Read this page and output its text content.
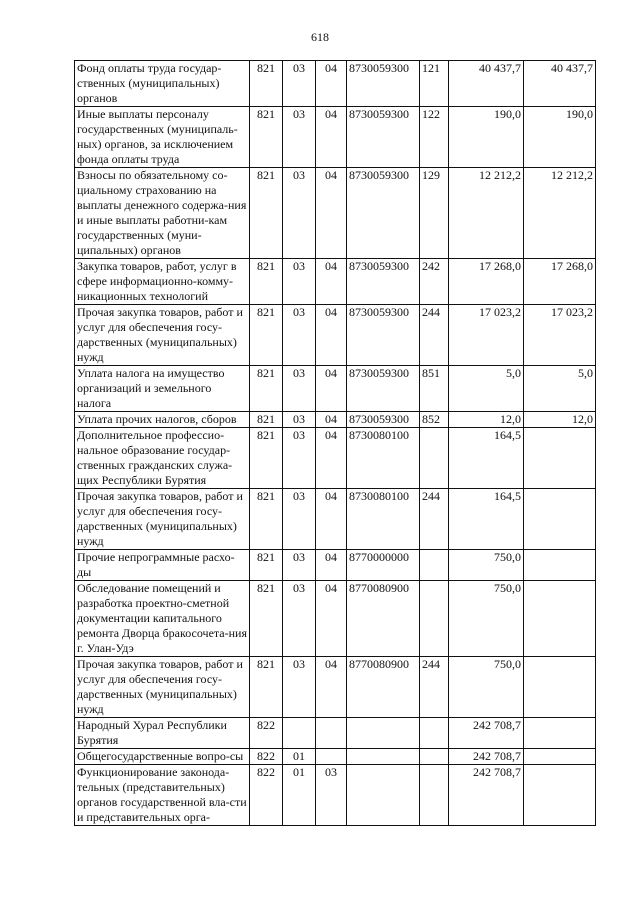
618
Фонд оплаты труда государ-ственных (муниципальных) органов	821	03	04	8730059300	121	40 437,7	40 437,7
Иные выплаты персоналу государственных (муниципаль-ных) органов, за исключением фонда оплаты труда	821	03	04	8730059300	122	190,0	190,0
Взносы по обязательному со-циальному страхованию на выплаты денежного содержа-ния и иные выплаты работни-кам государственных (муни-ципальных) органов	821	03	04	8730059300	129	12 212,2	12 212,2
Закупка товаров, работ, услуг в сфере информационно-комму-никационных технологий	821	03	04	8730059300	242	17 268,0	17 268,0
Прочая закупка товаров, работ и услуг для обеспечения госу-дарственных (муниципальных) нужд	821	03	04	8730059300	244	17 023,2	17 023,2
Уплата налога на имущество организаций и земельного налога	821	03	04	8730059300	851	5,0	5,0
Уплата прочих налогов, сборов	821	03	04	8730059300	852	12,0	12,0
Дополнительное профессио-нальное образование государ-ственных гражданских служа-щих Республики Бурятия	821	03	04	8730080100		164,5	
Прочая закупка товаров, работ и услуг для обеспечения госу-дарственных (муниципальных) нужд	821	03	04	8730080100	244	164,5	
Прочие непрограммные расхо-ды	821	03	04	8770000000		750,0	
Обследование помещений и разработка проектно-сметной документации капитального ремонта Дворца бракосочета-ния г. Улан-Удэ	821	03	04	8770080900		750,0	
Прочая закупка товаров, работ и услуг для обеспечения госу-дарственных (муниципальных) нужд	821	03	04	8770080900	244	750,0	
Народный Хурал Республики Бурятия	822					242 708,7	
Общегосударственные вопро-сы	822	01				242 708,7	
Функционирование законода-тельных (представительных) органов государственной вла-сти и представительных орга-	822	01	03			242 708,7	
